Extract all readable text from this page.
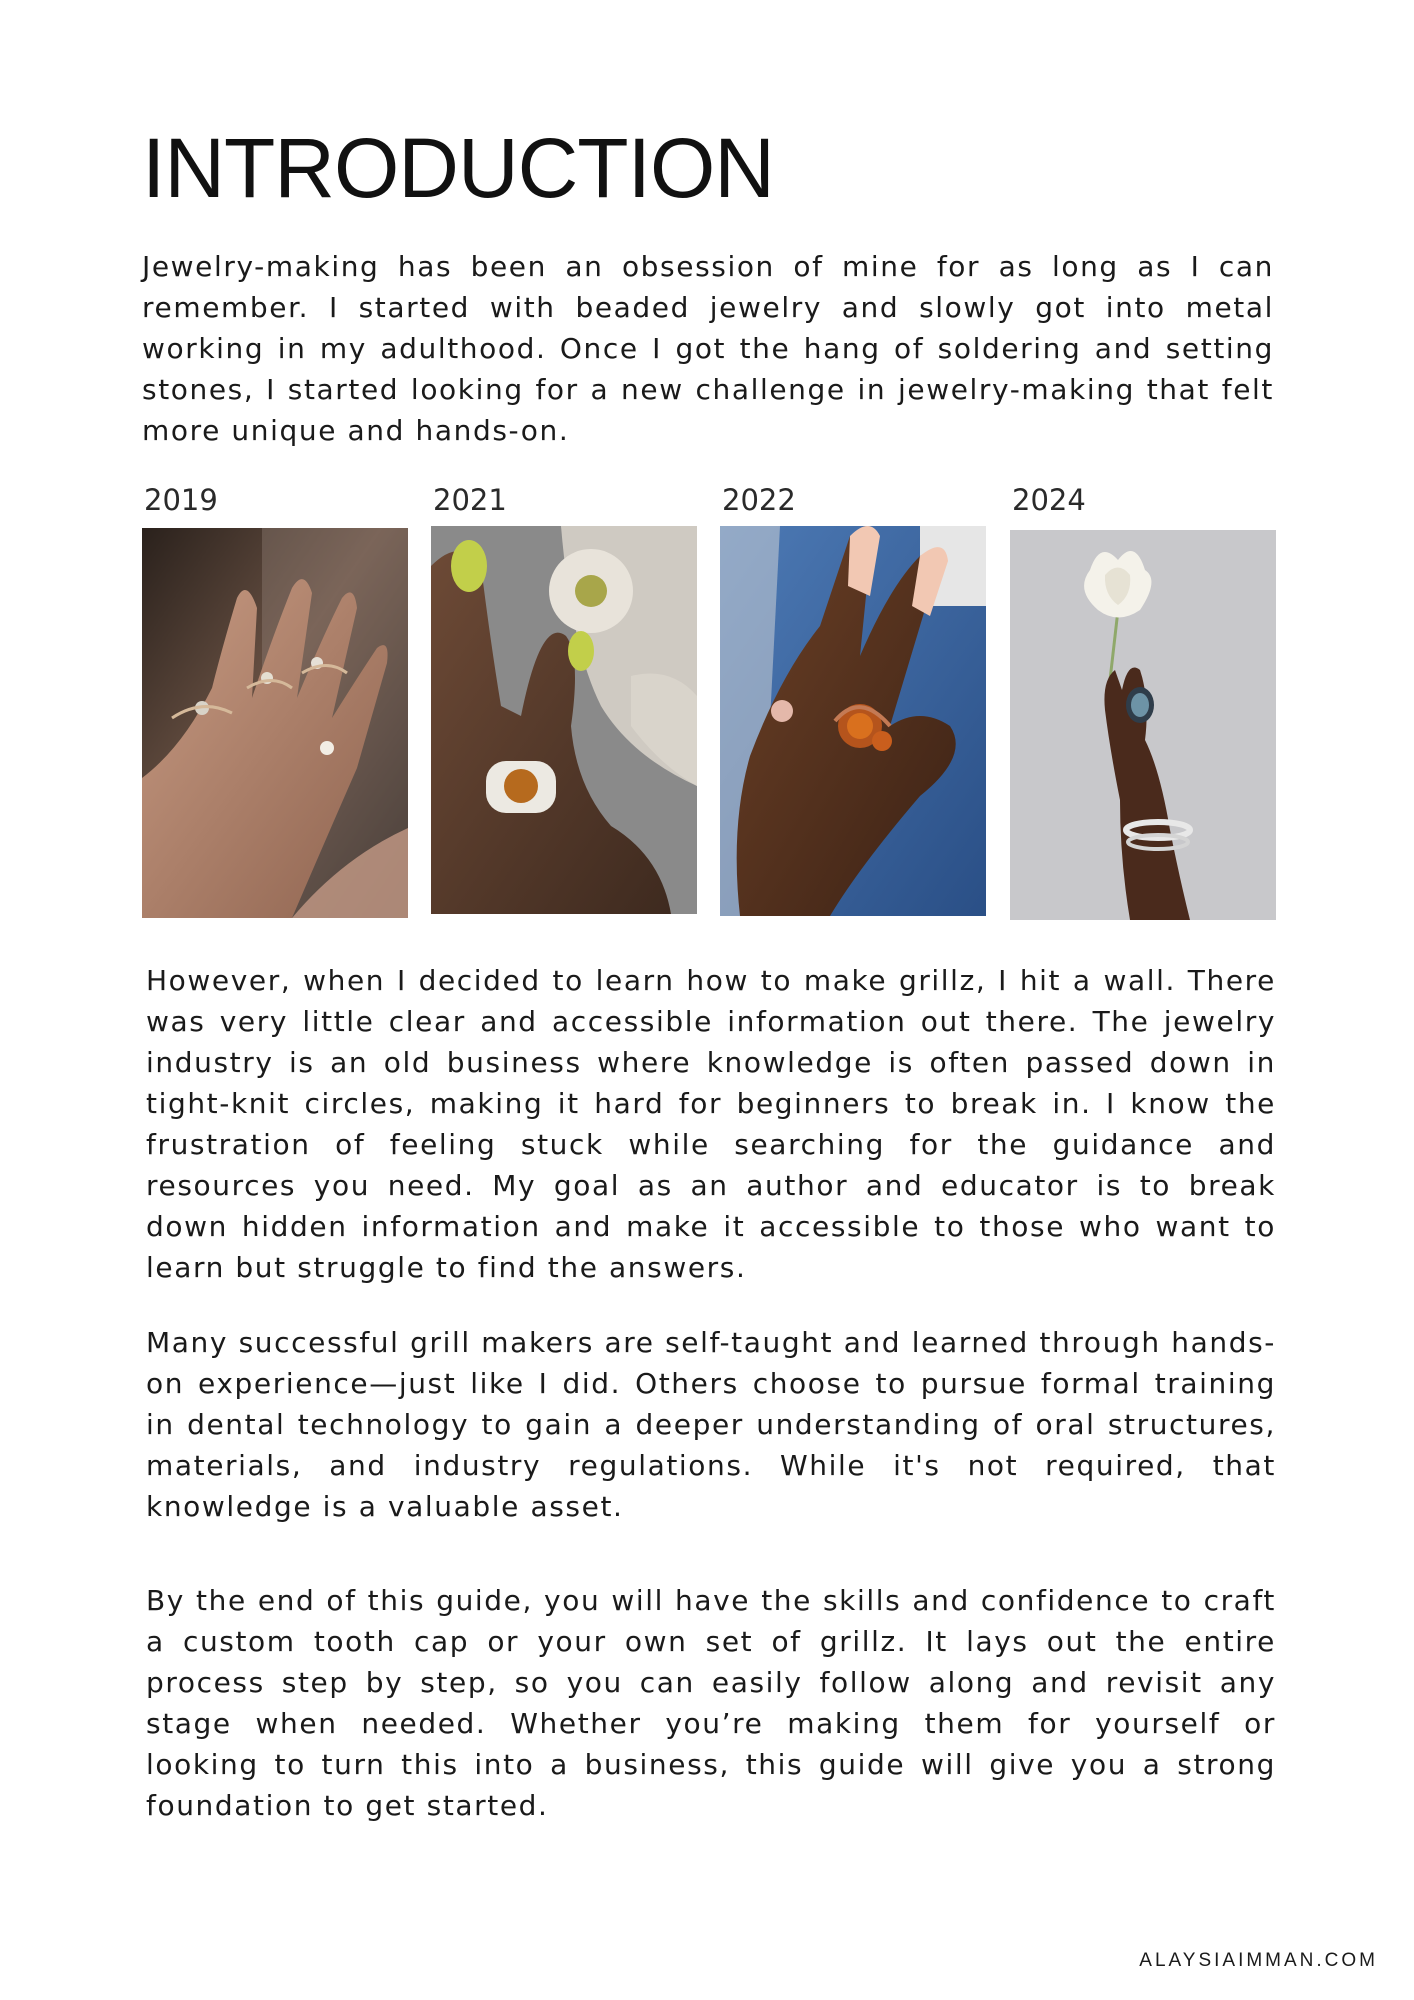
INTRODUCTION

Jewelry-making has been an obsession of mine for as long as I can remember. I started with beaded jewelry and slowly got into metal working in my adulthood. Once I got the hang of soldering and setting stones, I started looking for a new challenge in jewelry-making that felt more unique and hands-on.

2019	2021	2022	2024

However, when I decided to learn how to make grillz, I hit a wall. There was very little clear and accessible information out there. The jewelry industry is an old business where knowledge is often passed down in tight-knit circles, making it hard for beginners to break in. I know the frustration of feeling stuck while searching for the guidance and resources you need. My goal as an author and educator is to break down hidden information and make it accessible to those who want to learn but struggle to find the answers.

Many successful grill makers are self-taught and learned through hands-on experience—just like I did. Others choose to pursue formal training in dental technology to gain a deeper understanding of oral structures, materials, and industry regulations. While it's not required, that knowledge is a valuable asset.

By the end of this guide, you will have the skills and confidence to craft a custom tooth cap or your own set of grillz. It lays out the entire process step by step, so you can easily follow along and revisit any stage when needed. Whether you’re making them for yourself or looking to turn this into a business, this guide will give you a strong foundation to get started.

ALAYSIAIMMAN.COM
